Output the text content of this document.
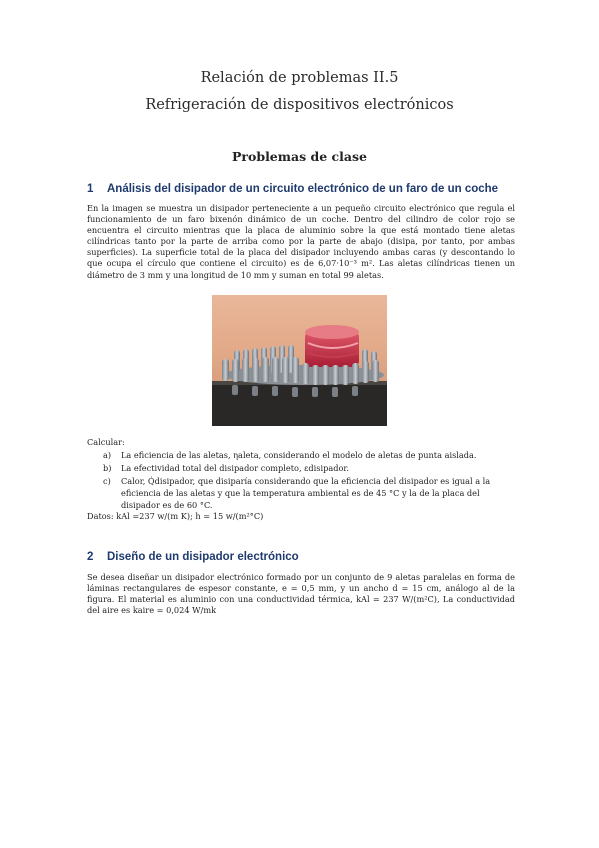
Relación de problemas II.5
Refrigeración de dispositivos electrónicos
Problemas de clase
1 Análisis del disipador de un circuito electrónico de un faro de un coche
En la imagen se muestra un disipador perteneciente a un pequeño circuito electrónico que regula el funcionamiento de un faro bixenón dinámico de un coche. Dentro del cilindro de color rojo se encuentra el circuito mientras que la placa de aluminio sobre la que está montado tiene aletas cilíndricas tanto por la parte de arriba como por la parte de abajo (disipa, por tanto, por ambas superficies). La superficie total de la placa del disipador incluyendo ambas caras (y descontando lo que ocupa el círculo que contiene el circuito) es de 6,07·10⁻³ m². Las aletas cilíndricas tienen un diámetro de 3 mm y una longitud de 10 mm y suman en total 99 aletas.
Calcular:
a) La eficiencia de las aletas, ηaleta, considerando el modelo de aletas de punta aislada.
b) La efectividad total del disipador completo, εdisipador.
c) Calor, Q̇disipador, que disiparía considerando que la eficiencia del disipador es igual a la eficiencia de las aletas y que la temperatura ambiental es de 45 °C y la de la placa del disipador es de 60 °C.
Datos: kAl =237 w/(m K); h = 15 w/(m²°C)
2 Diseño de un disipador electrónico
Se desea diseñar un disipador electrónico formado por un conjunto de 9 aletas paralelas en forma de láminas rectangulares de espesor constante, e = 0,5 mm, y un ancho d = 15 cm, análogo al de la figura. El material es aluminio con una conductividad térmica, kAl = 237 W/(m²C), La conductividad del aire es kaire = 0,024 W/mk
